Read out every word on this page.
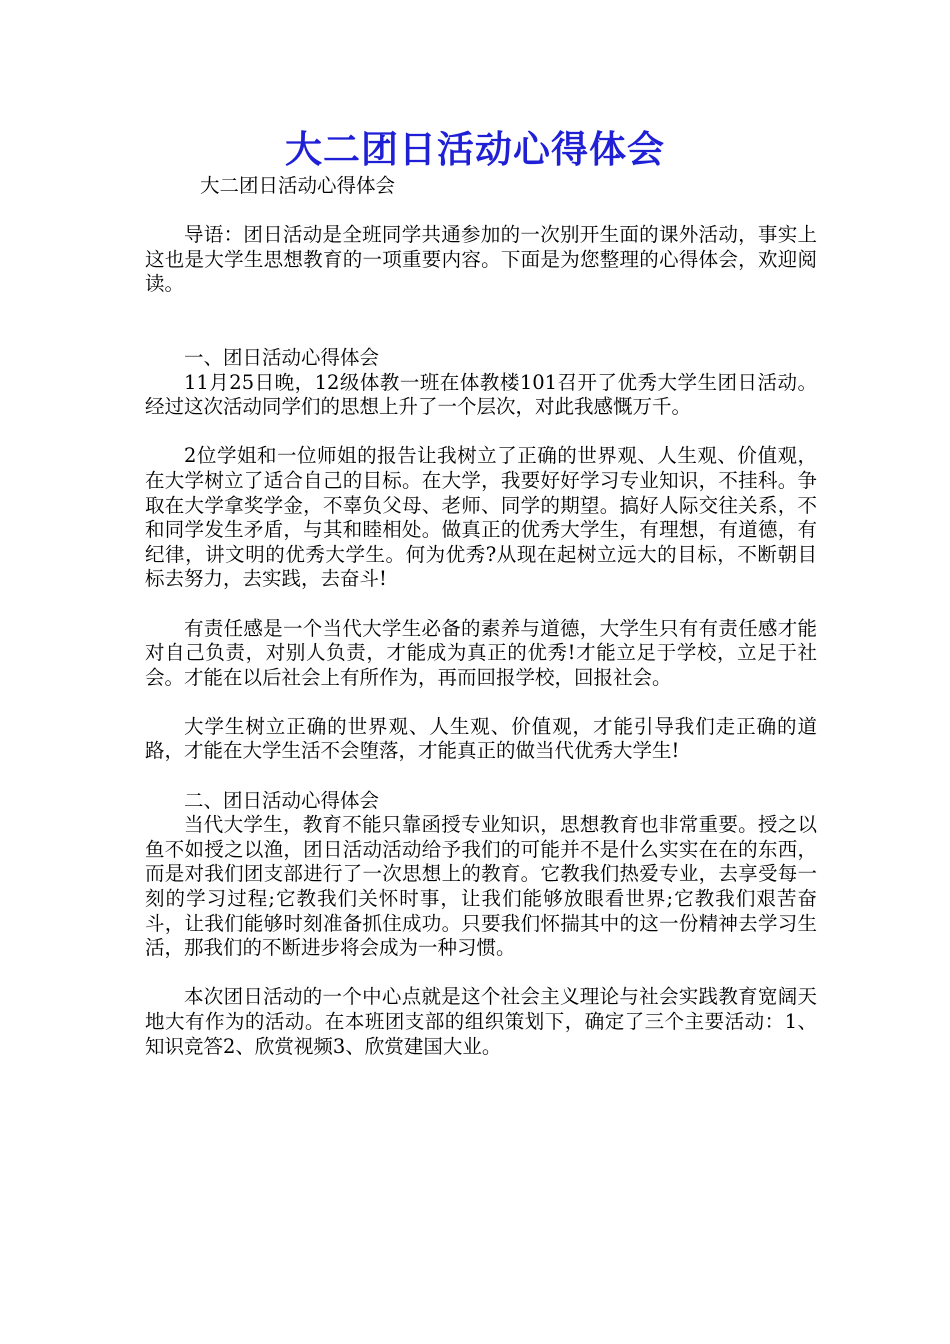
大二团日活动心得体会

大二团日活动心得体会

导语：团日活动是全班同学共通参加的一次别开生面的课外活动，事实上这也是大学生思想教育的一项重要内容。下面是为您整理的心得体会，欢迎阅读。

一、团日活动心得体会

11月25日晚，12级体教一班在体教楼101召开了优秀大学生团日活动。经过这次活动同学们的思想上升了一个层次，对此我感慨万千。

2位学姐和一位师姐的报告让我树立了正确的世界观、人生观、价值观，在大学树立了适合自己的目标。在大学，我要好好学习专业知识，不挂科。争取在大学拿奖学金，不辜负父母、老师、同学的期望。搞好人际交往关系，不和同学发生矛盾，与其和睦相处。做真正的优秀大学生，有理想，有道德，有纪律，讲文明的优秀大学生。何为优秀?从现在起树立远大的目标，不断朝目标去努力，去实践，去奋斗!

有责任感是一个当代大学生必备的素养与道德，大学生只有有责任感才能对自己负责，对别人负责，才能成为真正的优秀!才能立足于学校，立足于社会。才能在以后社会上有所作为，再而回报学校，回报社会。

大学生树立正确的世界观、人生观、价值观，才能引导我们走正确的道路，才能在大学生活不会堕落，才能真正的做当代优秀大学生!

二、团日活动心得体会

当代大学生，教育不能只靠函授专业知识，思想教育也非常重要。授之以鱼不如授之以渔，团日活动活动给予我们的可能并不是什么实实在在的东西，而是对我们团支部进行了一次思想上的教育。它教我们热爱专业，去享受每一刻的学习过程;它教我们关怀时事，让我们能够放眼看世界;它教我们艰苦奋斗，让我们能够时刻准备抓住成功。只要我们怀揣其中的这一份精神去学习生活，那我们的不断进步将会成为一种习惯。

本次团日活动的一个中心点就是这个社会主义理论与社会实践教育宽阔天地大有作为的活动。在本班团支部的组织策划下，确定了三个主要活动：1、知识竞答2、欣赏视频3、欣赏建国大业。
